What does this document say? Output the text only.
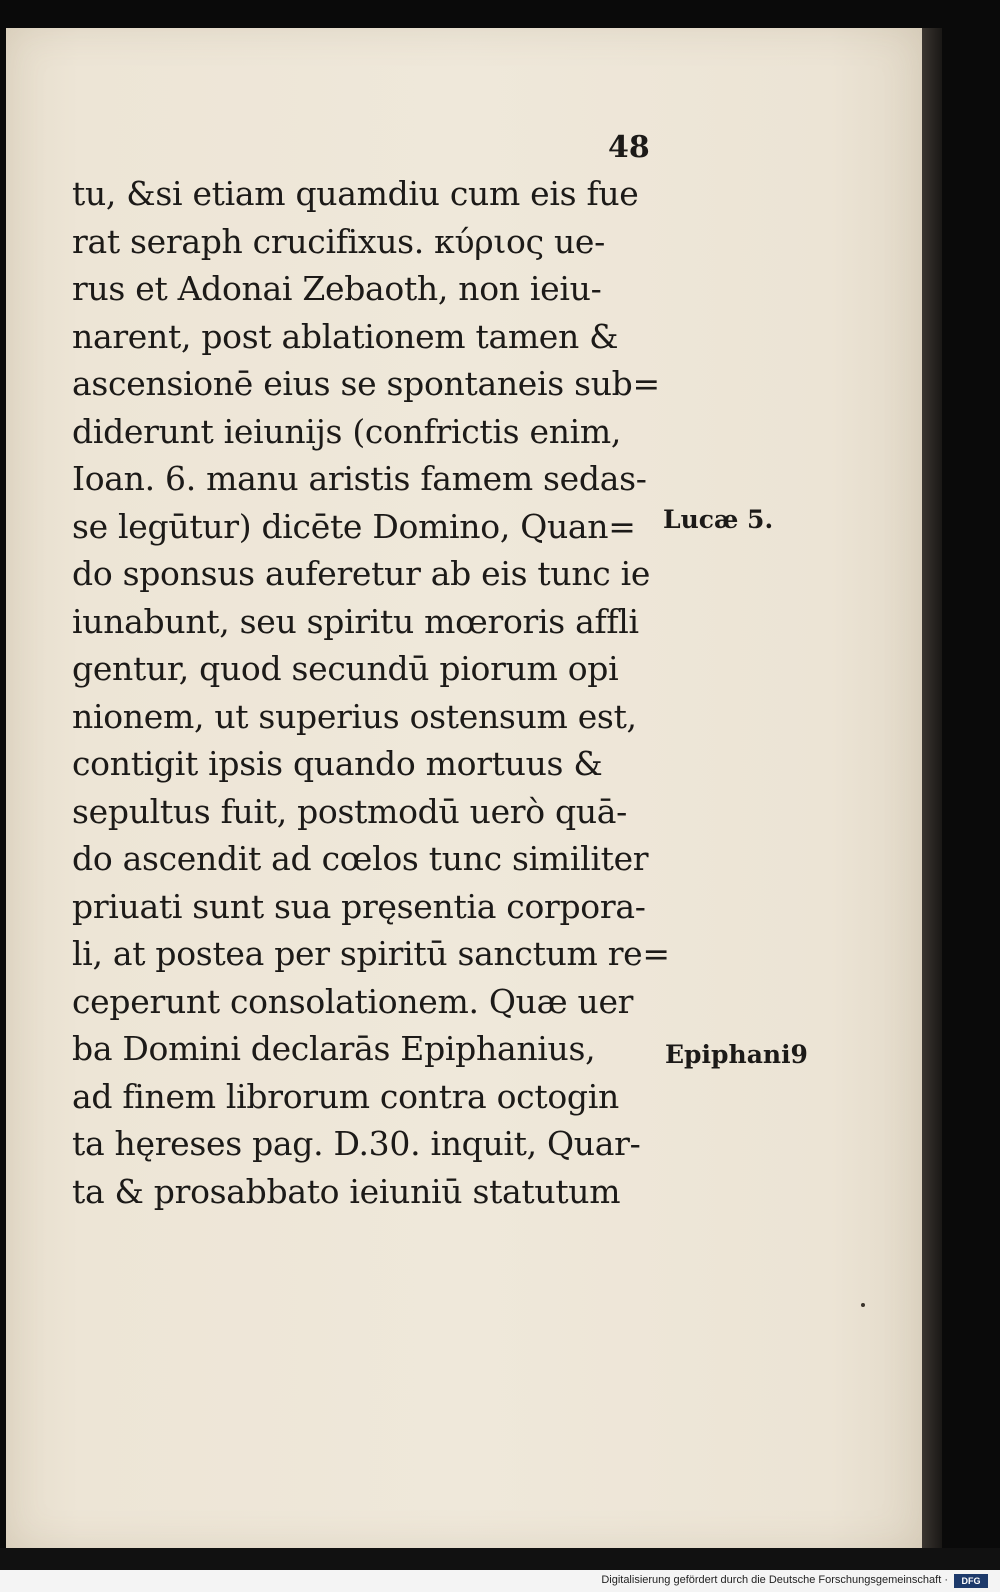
48
tu, &si etiam quamdiu cum eis fue
rat seraph crucifixus. κύριος ue-
rus et Adonai Zebaoth, non ieiu-
narent, post ablationem tamen &
ascensionē eius se spontaneis sub=
diderunt ieiunijs (confrictis enim,
Ioan. 6. manu aristis famem sedas-
se legūtur) dicēte Domino, Quan=
do sponsus auferetur ab eis tunc ie
iunabunt, seu spiritu mœroris affli
gentur, quod secundū piorum opi
nionem, ut superius ostensum est,
contigit ipsis quando mortuus &
sepultus fuit, postmodū uerò quā-
do ascendit ad cœlos tunc similiter
priuati sunt sua pręsentia corpora-
li, at postea per spiritū sanctum re=
ceperunt consolationem. Quæ uer
ba Domini declarās Epiphanius,
ad finem librorum contra octogin
ta hęreses pag. D.30. inquit, Quar-
ta & prosabbato ieiuniū statutum
Lucæ 5.
Epiphani9
Digitalisierung gefördert durch die Deutsche Forschungsgemeinschaft ·	DFG
